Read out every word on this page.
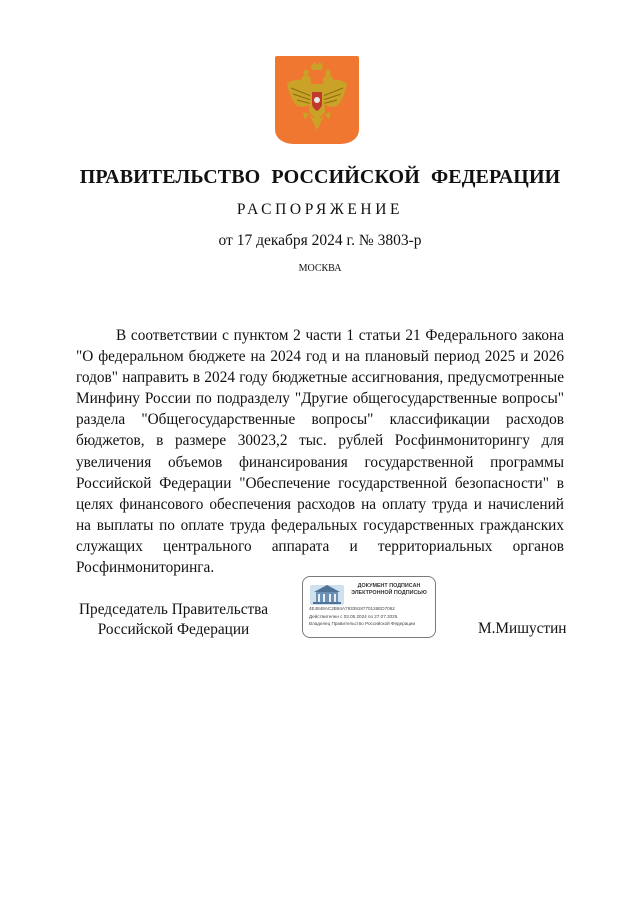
ПРАВИТЕЛЬСТВО РОССИЙСКОЙ ФЕДЕРАЦИИ
РАСПОРЯЖЕНИЕ
от 17 декабря 2024 г. № 3803-р
МОСКВА

В соответствии с пунктом 2 части 1 статьи 21 Федерального закона "О федеральном бюджете на 2024 год и на плановый период 2025 и 2026 годов" направить в 2024 году бюджетные ассигнования, предусмотренные Минфину России по подразделу "Другие общегосударственные вопросы" раздела "Общегосударственные вопросы" классификации расходов бюджетов, в размере 30023,2 тыс. рублей Росфинмониторингу для увеличения объемов финансирования государственной программы Российской Федерации "Обеспечение государственной безопасности" в целях финансового обеспечения расходов на оплату труда и начислений на выплаты по оплате труда федеральных государственных гражданских служащих центрального аппарата и территориальных органов Росфинмониторинга.

Председатель Правительства
Российской Федерации
ДОКУМЕНТ ПОДПИСАН
ЭЛЕКТРОННОЙ ПОДПИСЬЮ
4E4848AC2B84A7933918770126ED7062
Действителен с 03.05.2024 по 27.07.2025
Владелец Правительство Российской Федерации	М.Мишустин
